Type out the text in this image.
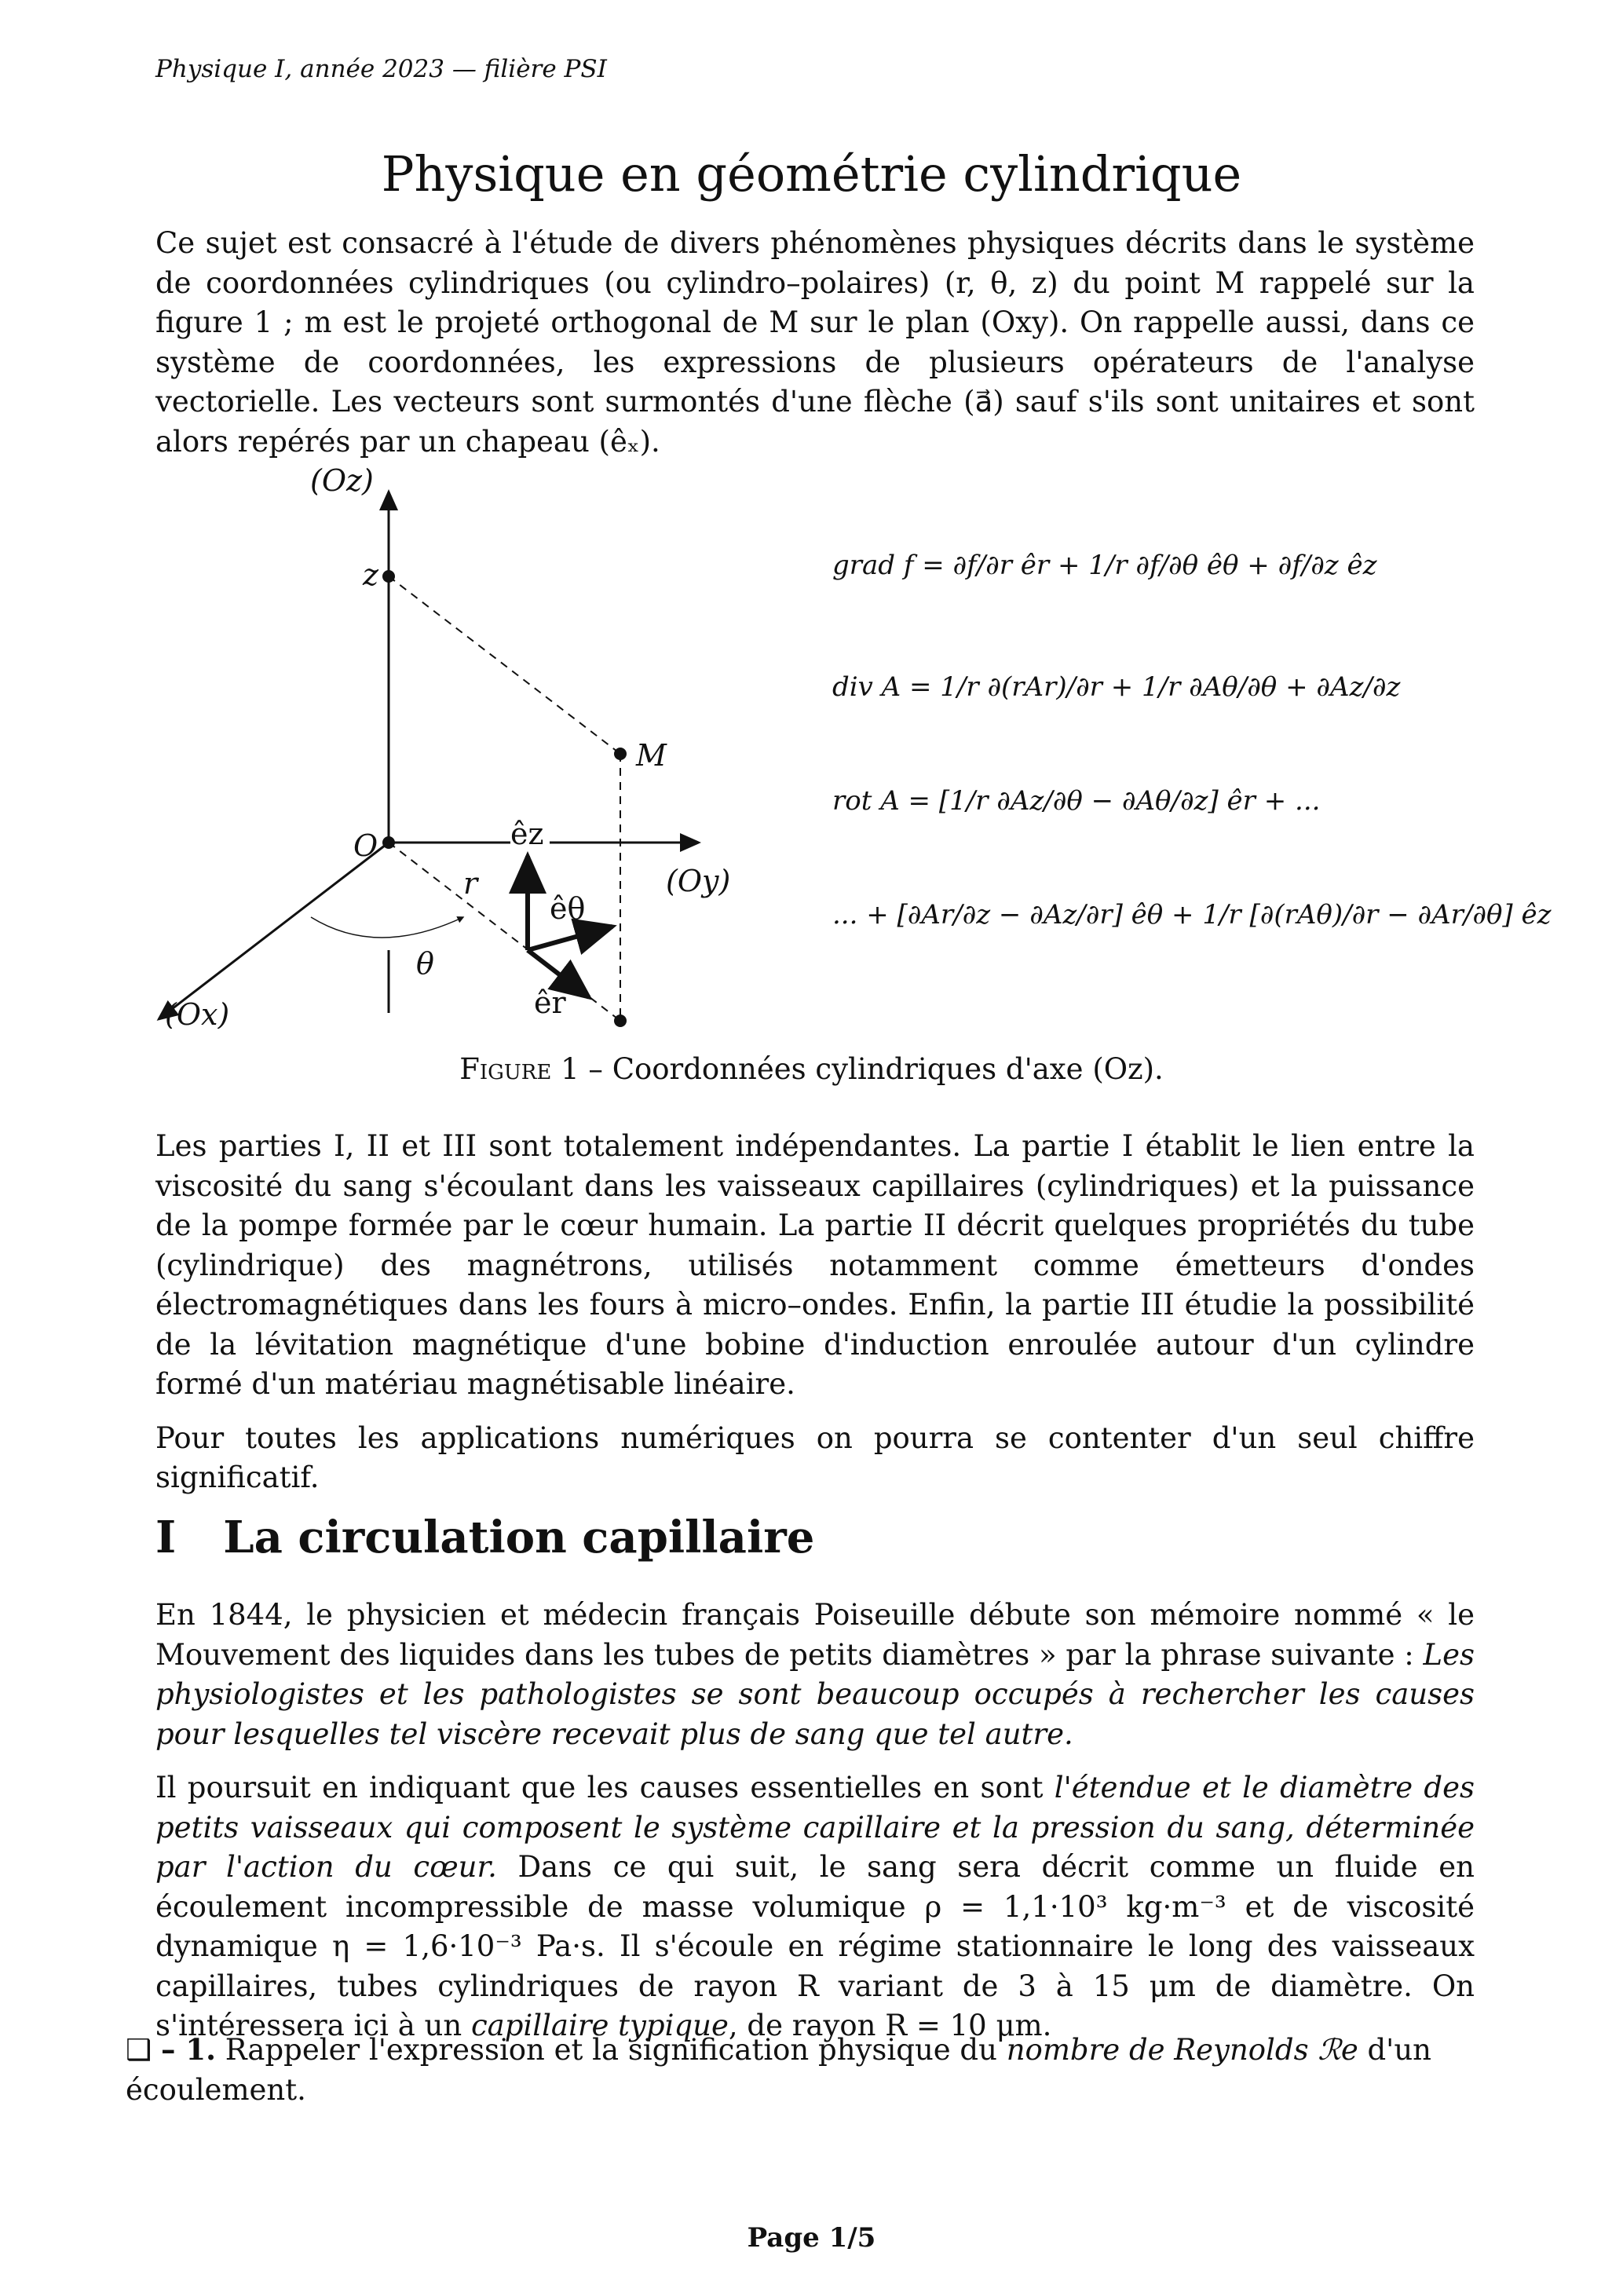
Physique I, année 2023 — filière PSI
Physique en géométrie cylindrique
Ce sujet est consacré à l'étude de divers phénomènes physiques décrits dans le système de coordonnées cylindriques (ou cylindro–polaires) (r, θ, z) du point M rappelé sur la figure 1 ; m est le projeté orthogonal de M sur le plan (Oxy). On rappelle aussi, dans ce système de coordonnées, les expressions de plusieurs opérateurs de l'analyse vectorielle. Les vecteurs sont surmontés d'une flèche (a⃗) sauf s'ils sont unitaires et sont alors repérés par un chapeau (êₓ).
(Oz)
z
O
M
(Oy)
(Ox)
r
θ
êz
êθ
êr
grad f = ∂f/∂r êr + 1/r ∂f/∂θ êθ + ∂f/∂z êz
div A = 1/r ∂(rAr)/∂r + 1/r ∂Aθ/∂θ + ∂Az/∂z
rot A = [1/r ∂Az/∂θ − ∂Aθ/∂z] êr + ...
... + [∂Ar/∂z − ∂Az/∂r] êθ + 1/r [∂(rAθ)/∂r − ∂Ar/∂θ] êz
Figure 1 – Coordonnées cylindriques d'axe (Oz).

Les parties I, II et III sont totalement indépendantes. La partie I établit le lien entre la viscosité du sang s'écoulant dans les vaisseaux capillaires (cylindriques) et la puissance de la pompe formée par le cœur humain. La partie II décrit quelques propriétés du tube (cylindrique) des magnétrons, utilisés notamment comme émetteurs d'ondes électromagnétiques dans les fours à micro–ondes. Enfin, la partie III étudie la possibilité de la lévitation magnétique d'une bobine d'induction enroulée autour d'un cylindre formé d'un matériau magnétisable linéaire.

Pour toutes les applications numériques on pourra se contenter d'un seul chiffre significatif.

I La circulation capillaire

En 1844, le physicien et médecin français Poiseuille débute son mémoire nommé « le Mouvement des liquides dans les tubes de petits diamètres » par la phrase suivante : Les physiologistes et les pathologistes se sont beaucoup occupés à rechercher les causes pour lesquelles tel viscère recevait plus de sang que tel autre.

Il poursuit en indiquant que les causes essentielles en sont l'étendue et le diamètre des petits vaisseaux qui composent le système capillaire et la pression du sang, déterminée par l'action du cœur. Dans ce qui suit, le sang sera décrit comme un fluide en écoulement incompressible de masse volumique ρ = 1,1·10³ kg·m⁻³ et de viscosité dynamique η = 1,6·10⁻³ Pa·s. Il s'écoule en régime stationnaire le long des vaisseaux capillaires, tubes cylindriques de rayon R variant de 3 à 15 μm de diamètre. On s'intéressera ici à un capillaire typique, de rayon R = 10 μm.

❑ – 1. Rappeler l'expression et la signification physique du nombre de Reynolds ℛe d'un écoulement.
Page 1/5
